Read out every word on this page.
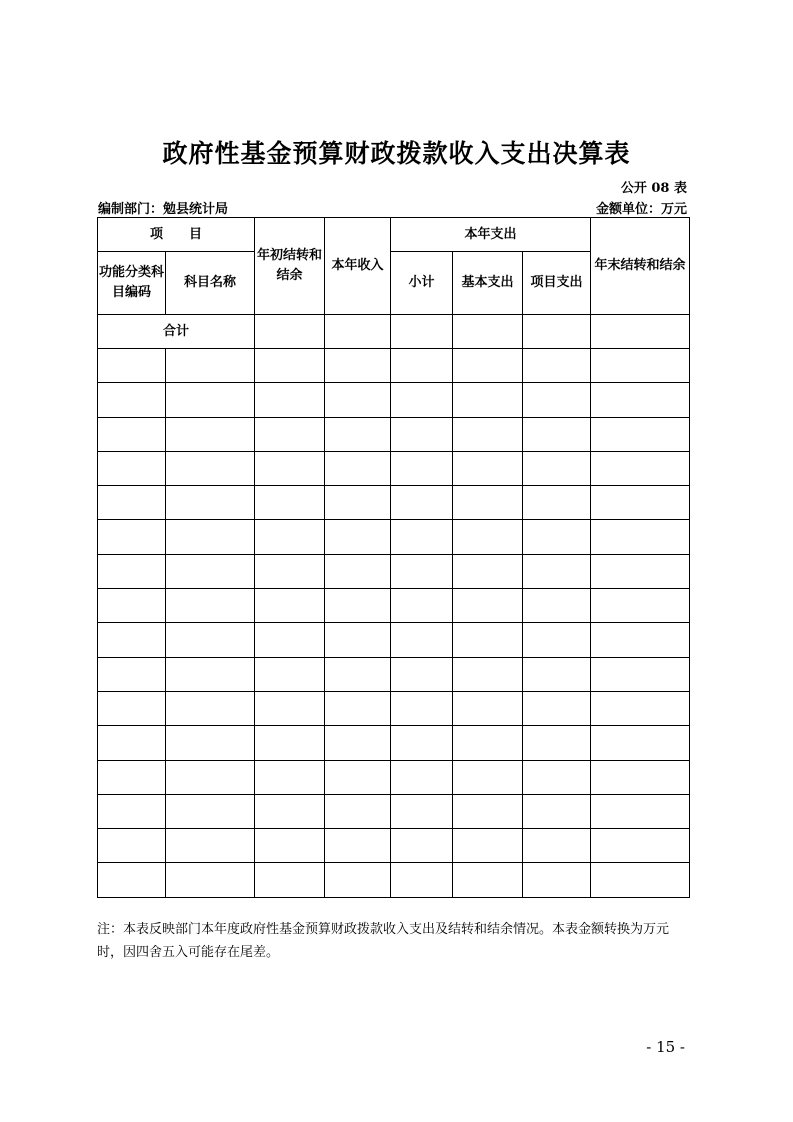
政府性基金预算财政拨款收入支出决算表
公开 08 表
编制部门：勉县统计局	金额单位：万元
项　　目		年初结转和结余	本年收入	本年支出			年末结转和结余
功能分类科目编码	科目名称			小计	基本支出	项目支出	
合计							

注：本表反映部门本年度政府性基金预算财政拨款收入支出及结转和结余情况。本表金额转换为万元时，因四舍五入可能存在尾差。
- 15 -
